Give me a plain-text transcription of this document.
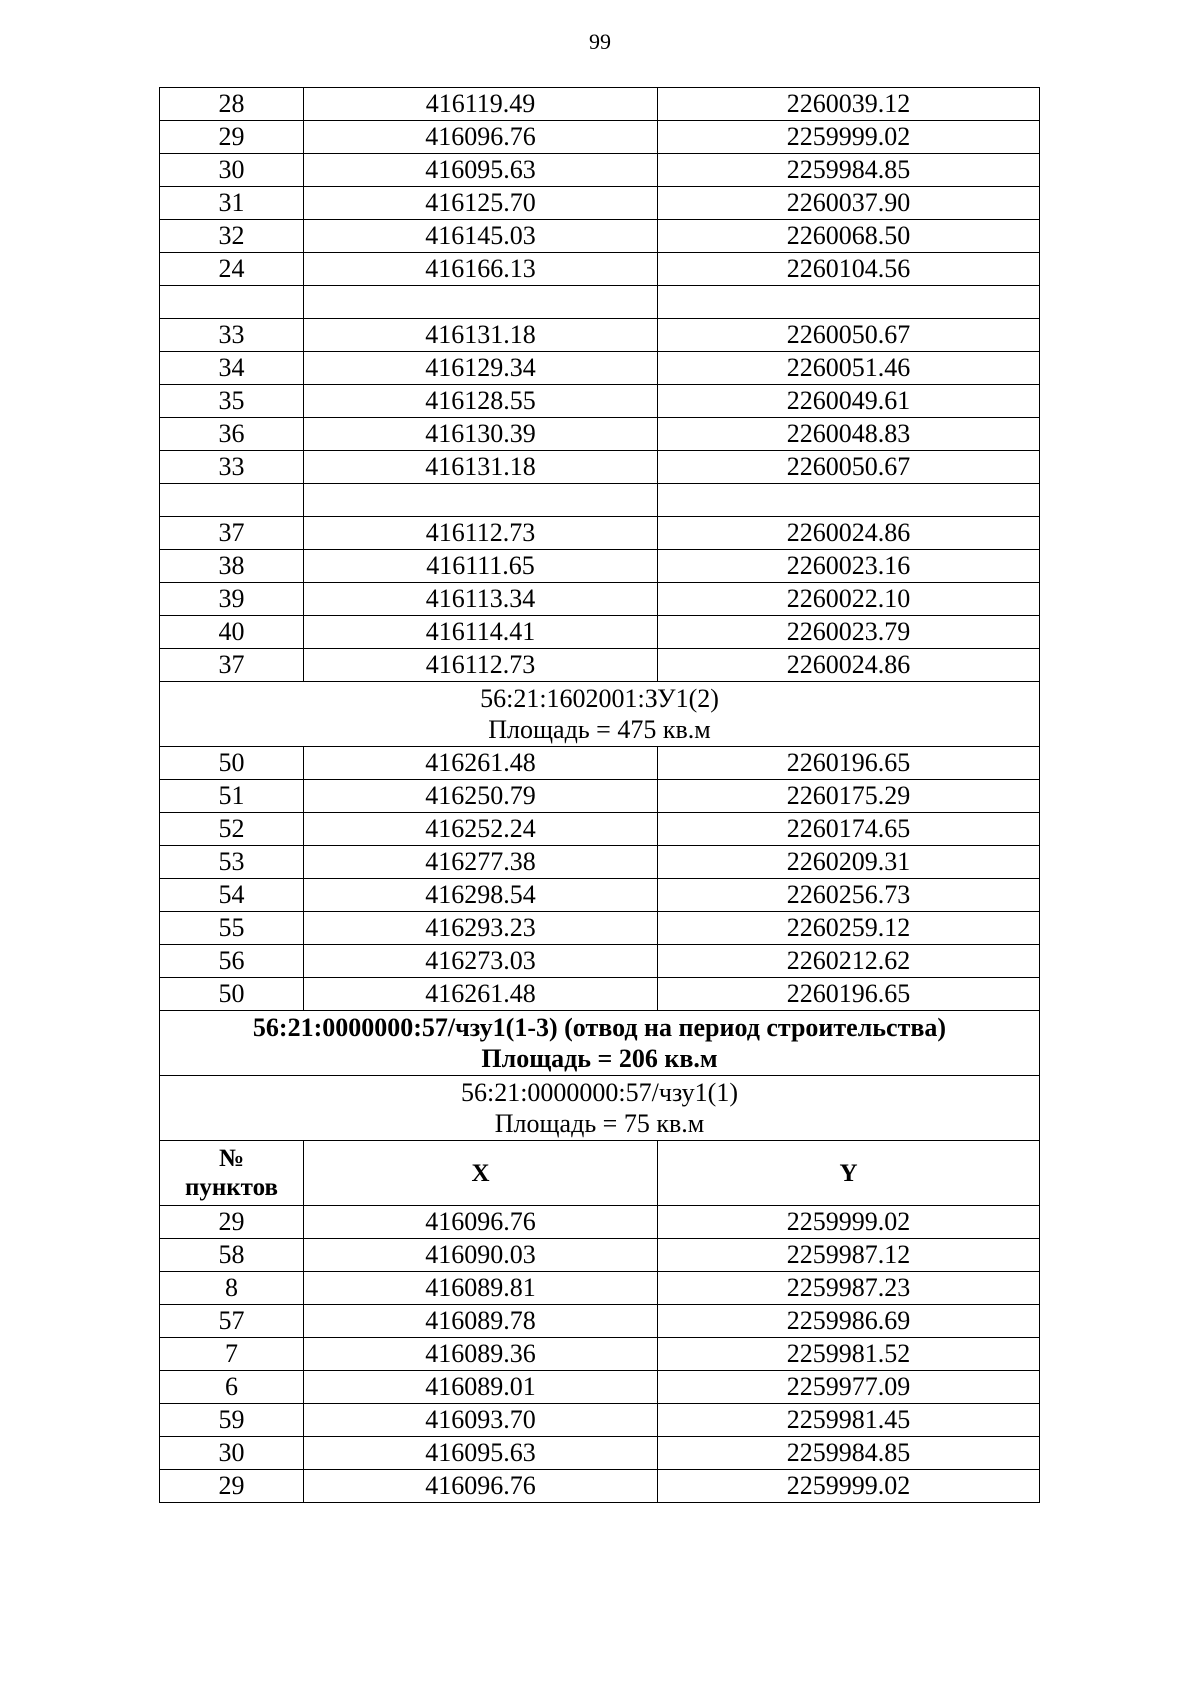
99
28	416119.49	2260039.12
29	416096.76	2259999.02
30	416095.63	2259984.85
31	416125.70	2260037.90
32	416145.03	2260068.50
24	416166.13	2260104.56

33	416131.18	2260050.67
34	416129.34	2260051.46
35	416128.55	2260049.61
36	416130.39	2260048.83
33	416131.18	2260050.67

37	416112.73	2260024.86
38	416111.65	2260023.16
39	416113.34	2260022.10
40	416114.41	2260023.79
37	416112.73	2260024.86

56:21:1602001:ЗУ1(2)
Площадь = 475 кв.м		

50	416261.48	2260196.65
51	416250.79	2260175.29
52	416252.24	2260174.65
53	416277.38	2260209.31
54	416298.54	2260256.73
55	416293.23	2260259.12
56	416273.03	2260212.62
50	416261.48	2260196.65

56:21:0000000:57/чзу1(1-3) (отвод на период строительства)
Площадь = 206 кв.м		

56:21:0000000:57/чзу1(1)
Площадь = 75 кв.м		

№
пунктов	X	Y
29	416096.76	2259999.02
58	416090.03	2259987.12
8	416089.81	2259987.23
57	416089.78	2259986.69
7	416089.36	2259981.52
6	416089.01	2259977.09
59	416093.70	2259981.45
30	416095.63	2259984.85
29	416096.76	2259999.02
